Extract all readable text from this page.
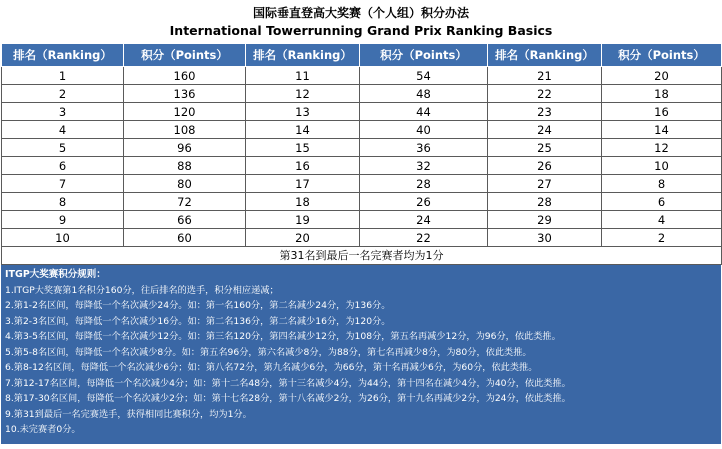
国际垂直登高大奖赛（个人组）积分办法
International Towerrunning Grand Prix Ranking Basics
排名（Ranking）	积分（Points）	排名（Ranking）	积分（Points）	排名（Ranking）	积分（Points）
1	160	11	54	21	20
2	136	12	48	22	18
3	120	13	44	23	16
4	108	14	40	24	14
5	96	15	36	25	12
6	88	16	32	26	10
7	80	17	28	27	8
8	72	18	26	28	6
9	66	19	24	29	4
10	60	20	22	30	2
第31名到最后一名完赛者均为1分					
ITGP大奖赛积分规则：
1.ITGP大奖赛第1名积分160分，往后排名的选手，积分相应递减；
2.第1-2名区间，每降低一个名次减少24分。如：第一名160分，第二名减少24分，为136分。
3.第2-3名区间，每降低一个名次减少16分。如：第二名136分，第二名减少16分，为120分。
4.第3-5名区间，每降低一个名次减少12分。如：第三名120分，第四名减少12分，为108分，第五名再减少12分，为96分，依此类推。
5.第5-8名区间，每降低一个名次减少8分。如：第五名96分，第六名减少8分，为88分，第七名再减少8分，为80分，依此类推。
6.第8-12名区间，每降低一个名次减少6分；如：第八名72分，第九名减少6分，为66分，第十名再减少6分，为60分，依此类推。
7.第12-17名区间，每降低一个名次减少4分；如：第十二名48分，第十三名减少4分，为44分，第十四名在减少4分，为40分，依此类推。
8.第17-30名区间，每降低一个名次减少2分；如：第十七名28分，第十八名减少2分，为26分，第十九名再减少2分，为24分，依此类推。
9.第31到最后一名完赛选手，获得相同比赛积分，均为1分。
10.未完赛者0分。
